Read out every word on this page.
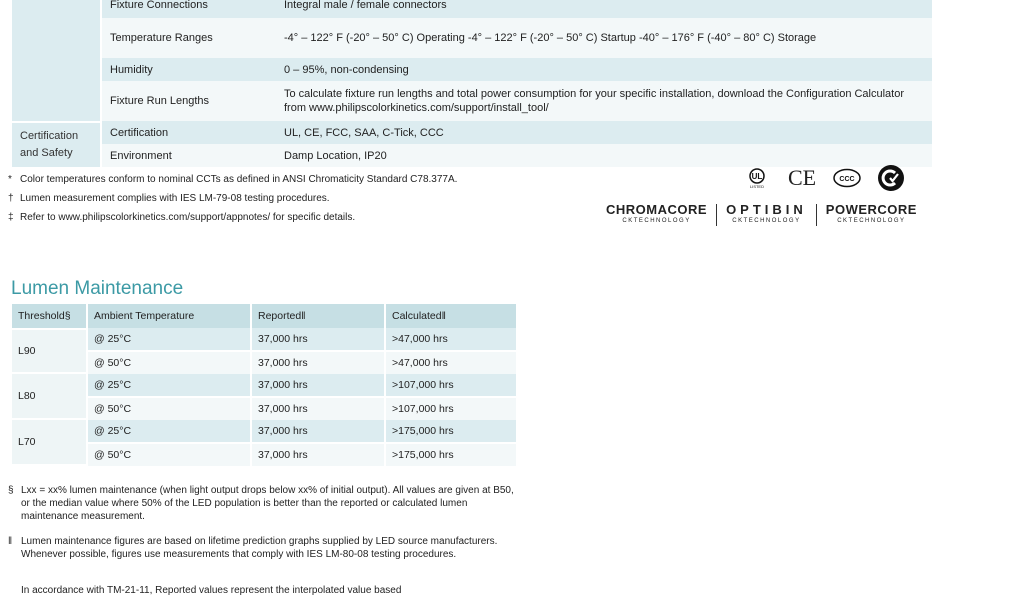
		Fixture Connections	Integral male / female connectors
		Temperature Ranges	-4° – 122° F (-20° – 50° C) Operating -4° – 122° F (-20° – 50° C) Startup -40° – 176° F (-40° – 80° C) Storage
		Humidity	0 – 95%, non-condensing
		Fixture Run Lengths	To calculate fixture run lengths and total power consumption for your specific installation, download the Configuration Calculator from www.philipscolorkinetics.com/support/install_tool/
Certification and Safety		Certification	UL, CE, FCC, SAA, C-Tick, CCC
		Environment	Damp Location, IP20
* Color temperatures conform to nominal CCTs as defined in ANSI Chromaticity Standard C78.377A.
† Lumen measurement complies with IES LM-79-08 testing procedures.
‡ Refer to www.philipscolorkinetics.com/support/appnotes/ for specific details.
UL
LISTED CE	CCC
CHROMACORE
CKTECHNOLOGY
OPTIBIN
CKTECHNOLOGY
POWERCORE
CKTECHNOLOGY
Lumen Maintenance
Threshold§		Ambient Temperature		Reported‖		Calculated‖
L90		@ 25°C		37,000 hrs		>47,000 hrs
		@ 50°C		37,000 hrs		>47,000 hrs
L80		@ 25°C		37,000 hrs		>107,000 hrs
		@ 50°C		37,000 hrs		>107,000 hrs
L70		@ 25°C		37,000 hrs		>175,000 hrs
		@ 50°C		37,000 hrs		>175,000 hrs
§ Lxx = xx% lumen maintenance (when light output drops below xx% of initial output). All values are given at B50, or the median value where 50% of the LED population is better than the reported or calculated lumen maintenance measurement.
‖ Lumen maintenance figures are based on lifetime prediction graphs supplied by LED source manufacturers. Whenever possible, figures use measurements that comply with IES LM-80-08 testing procedures.
In accordance with TM-21-11, Reported values represent the interpolated value based
